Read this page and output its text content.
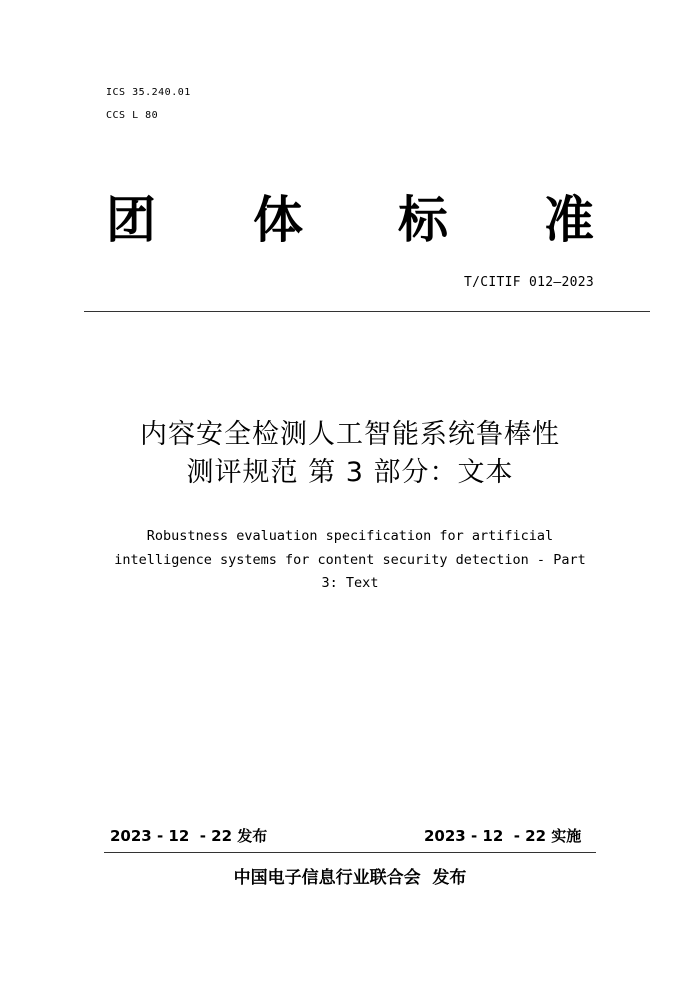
ICS 35.240.01
CCS L 80
团 体 标 准
T/CITIF 012—2023
内容安全检测人工智能系统鲁棒性
测评规范 第 3 部分：文本
Robustness evaluation specification for artificial
intelligence systems for content security detection - Part
3: Text
2023 - 12  - 22 发布	2023 - 12  - 22 实施
中国电子信息行业联合会  发布
